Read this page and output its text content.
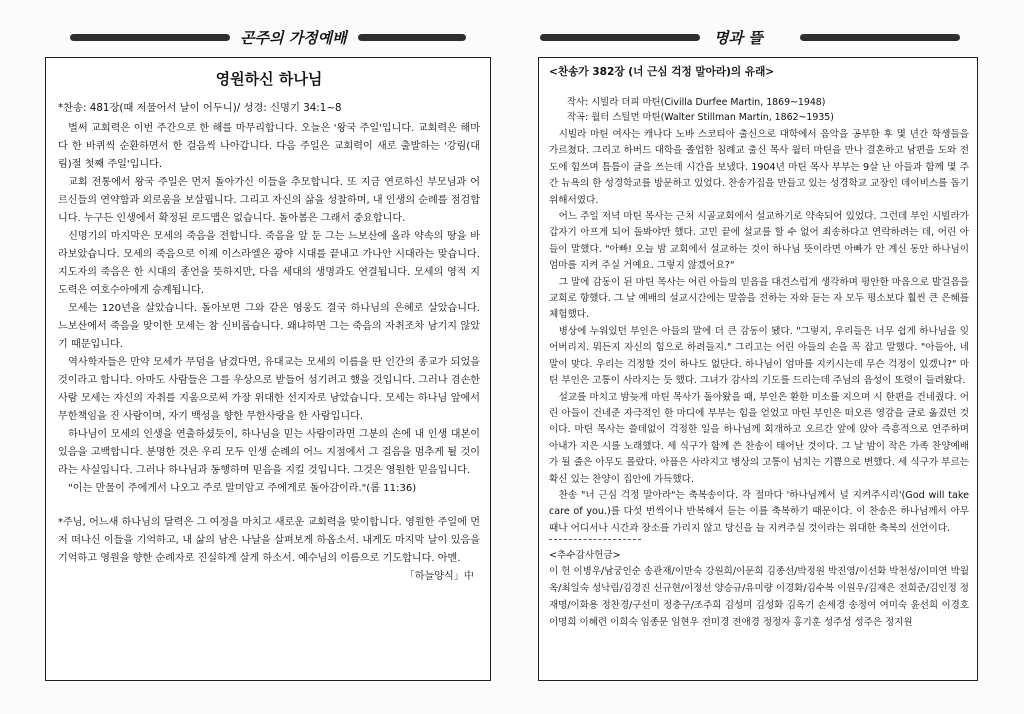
곤주의 가정예배	명과 뜰
영원하신 하나님
*찬송: 481장(때 저물어서 날이 어두니)/ 성경: 신명기 34:1~8

벌써 교회력은 이번 주간으로 한 해를 마무리합니다. 오늘은 '왕국 주일'입니다. 교회력은 해마다 한 바퀴씩 순환하면서 한 걸음씩 나아갑니다. 다음 주일은 교회력이 새로 출발하는 '강림(대림)절 첫째 주일'입니다.

교회 전통에서 왕국 주일은 먼저 돌아가신 이들을 추모합니다. 또 지금 연로하신 부모님과 어르신들의 연약함과 외로움을 보살핍니다. 그리고 자신의 삶을 성찰하며, 내 인생의 순례를 점검합니다. 누구든 인생에서 확정된 로드맵은 없습니다. 돌아봄은 그래서 중요합니다.

신명기의 마지막은 모세의 죽음을 전합니다. 죽음을 앞 둔 그는 느보산에 올라 약속의 땅을 바라보았습니다. 모세의 죽음으로 이제 이스라엘은 광야 시대를 끝내고 가나안 시대라는 맞습니다. 지도자의 죽음은 한 시대의 종언을 뜻하지만, 다음 세대의 생명과도 연결됩니다. 모세의 영적 지도력은 여호수아에게 승계됩니다.

모세는 120년을 살았습니다. 돌아보면 그와 같은 영웅도 결국 하나님의 은혜로 살았습니다. 느보산에서 죽음을 맞이한 모세는 참 신비롭습니다. 왜냐하면 그는 죽음의 자취조차 남기지 않았기 때문입니다.

역사학자들은 만약 모세가 무덤을 남겼다면, 유대교는 모세의 이름을 딴 인간의 종교가 되었을 것이라고 합니다. 아마도 사람들은 그를 우상으로 받들어 섬기려고 했을 것입니다. 그러나 겸손한 사람 모세는 자신의 자취를 지움으로써 가장 위대한 선지자로 남았습니다. 모세는 하나님 앞에서 무한책임을 진 사람이며, 자기 백성을 향한 무한사랑을 한 사람입니다.

하나님이 모세의 인생을 연출하셨듯이, 하나님을 믿는 사람이라면 그분의 손에 내 인생 대본이 있음을 고백합니다. 분명한 것은 우리 모두 인생 순례의 어느 지점에서 그 걸음을 멈추게 될 것이라는 사실입니다. 그러나 하나님과 동행하며 믿음을 지킬 것입니다. 그것은 영원한 믿음입니다.

"이는 만물이 주에게서 나오고 주로 말미암고 주에게로 돌아감이라."(롬 11:36)

*주님, 어느새 하나님의 달력은 그 여정을 마치고 새로운 교회력을 맞이합니다. 영원한 주일에 먼저 떠나신 이들을 기억하고, 내 삶의 남은 나날을 살펴보게 하옵소서. 내게도 마지막 날이 있음을 기억하고 영원을 향한 순례자로 진실하게 살게 하소서. 예수님의 이름으로 기도합니다. 아멘.
「하늘양식」中

<찬송가 382장 (너 근심 걱정 말아라)의 유래>
작사: 시빌라 더피 마틴(Civilla Durfee Martin, 1869~1948)
작곡: 월터 스틸먼 마틴(Walter Stillman Martin, 1862~1935)

시빌라 마틴 여사는 캐나다 노바 스코티아 출신으로 대학에서 음악을 공부한 후 몇 년간 학생들을 가르쳤다. 그리고 하버드 대학을 졸업한 침례교 출신 목사 월터 마틴을 만나 결혼하고 남편을 도와 전도에 힘쓰며 틈틈이 글을 쓰는데 시간을 보냈다. 1904년 마틴 목사 부부는 9살 난 아들과 함께 몇 주간 뉴욕의 한 성경학교를 방문하고 있었다. 찬송가집을 만들고 있는 성경학교 교장인 데이비스를 돕기 위해서였다.

어느 주일 저녁 마틴 목사는 근처 시골교회에서 설교하기로 약속되어 있었다. 그런데 부인 시빌라가 갑자기 아프게 되어 돌봐야만 했다. 고민 끝에 설교를 할 수 없어 죄송하다고 연락하려는 데, 어린 아들이 말했다. "아빠! 오늘 밤 교회에서 설교하는 것이 하나님 뜻이라면 아빠가 안 계신 동안 하나님이 엄마를 지켜 주실 거예요. 그렇지 않겠어요?"

그 말에 감동이 된 마틴 목사는 어린 아들의 믿음을 대견스럽게 생각하며 평안한 마음으로 발걸음을 교회로 향했다. 그 날 예배의 설교시간에는 말씀을 전하는 자와 듣는 자 모두 평소보다 훨씬 큰 은혜를 체험했다.

병상에 누워있던 부인은 아들의 말에 더 큰 감동이 됐다. "그렇지, 우리들은 너무 쉽게 하나님을 잊어버리지. 뭐든지 자신의 힘으로 하려들지." 그리고는 어린 아들의 손을 꼭 잡고 말했다. "아들아, 네 말이 맞다. 우리는 걱정할 것이 하나도 없단다. 하나님이 엄마를 지키시는데 무슨 걱정이 있겠니?" 마틴 부인은 고통이 사라지는 듯 했다. 그녀가 감사의 기도를 드리는데 주님의 음성이 또렷이 들려왔다.

설교를 마치고 밤늦게 마틴 목사가 돌아왔을 때, 부인은 환한 미소를 지으며 시 한편을 건네줬다. 어린 아들이 건네준 자극적인 한 마디에 부부는 힘을 얻었고 마틴 부인은 떠오른 영감을 글로 옮겼던 것이다. 마틴 목사는 쓸데없이 걱정한 일을 하나님께 회개하고 오르간 앞에 앉아 즉흥적으로 연주하며 아내가 지은 시를 노래했다. 세 식구가 함께 쓴 찬송이 태어난 것이다. 그 날 밤이 작은 가족 찬양예배가 될 줄은 아무도 몰랐다. 아픔은 사라지고 병상의 고통이 넘치는 기쁨으로 변했다. 세 식구가 부르는 확신 있는 찬양이 집안에 가득했다.

찬송 "너 근심 걱정 말아라"는 축복송이다. 각 절마다 '하나님께서 널 지켜주시리'(God will take care of you.)를 다섯 번씩이나 반복해서 듣는 이를 축복하기 때문이다. 이 찬송은 하나님께서 아무 때나 어디서나 시간과 장소를 가리지 않고 당신을 늘 지켜주실 것이라는 위대한 축복의 선언이다.

<추수감사헌금>

이 헌 이병우/남궁인순 송관재/이만숙 강원희/이문희 김종선/박정원 박진영/이선화 박천성/이미연 박월옥/최일숙 성낙림/김경진 신규현/이정선 양승규/유미량 이경화/김수복 이원우/김재은 전희준/김인정 정재명/이화용 정찬경/구선미 정충구/조주희 김성미 김성화 김옥기 손세경 송정여 여미숙 윤선희 이경호 이명희 이혜련 이희숙 임종문 임현우 전미경 전애경 정정자 홍기훈 성주성 성주은 정지원
